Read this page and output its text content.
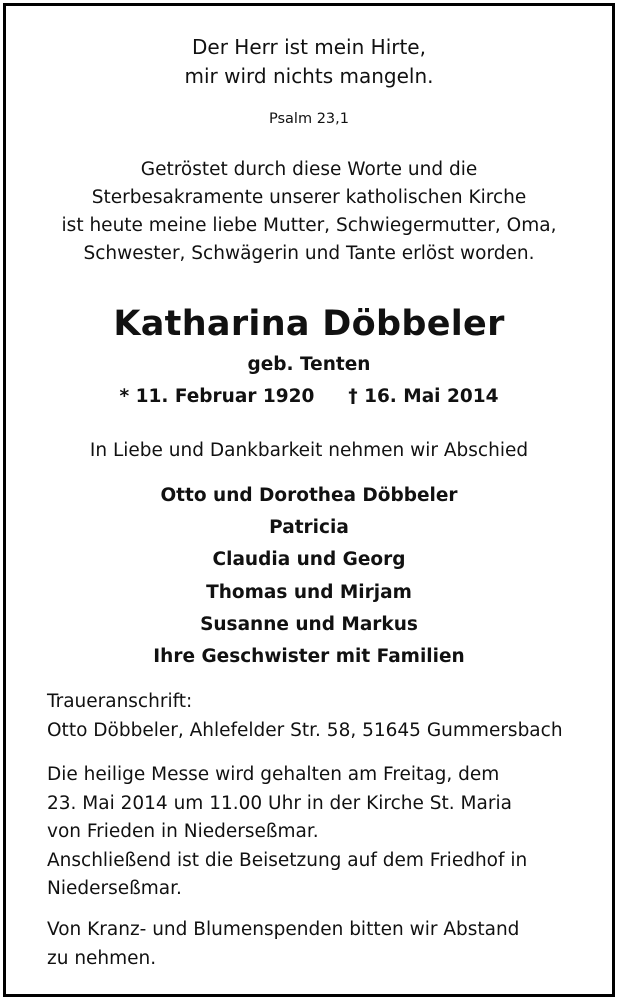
Der Herr ist mein Hirte,
mir wird nichts mangeln.
Psalm 23,1
Getröstet durch diese Worte und die
Sterbesakramente unserer katholischen Kirche
ist heute meine liebe Mutter, Schwiegermutter, Oma,
Schwester, Schwägerin und Tante erlöst worden.
Katharina Döbbeler
geb. Tenten
* 11. Februar 1920 † 16. Mai 2014
In Liebe und Dankbarkeit nehmen wir Abschied
Otto und Dorothea Döbbeler
Patricia
Claudia und Georg
Thomas und Mirjam
Susanne und Markus
Ihre Geschwister mit Familien
Traueranschrift:
Otto Döbbeler, Ahlefelder Str. 58, 51645 Gummersbach
Die heilige Messe wird gehalten am Freitag, dem
23. Mai 2014 um 11.00 Uhr in der Kirche St. Maria
von Frieden in Niederseßmar.
Anschließend ist die Beisetzung auf dem Friedhof in
Niederseßmar.
Von Kranz- und Blumenspenden bitten wir Abstand
zu nehmen.
